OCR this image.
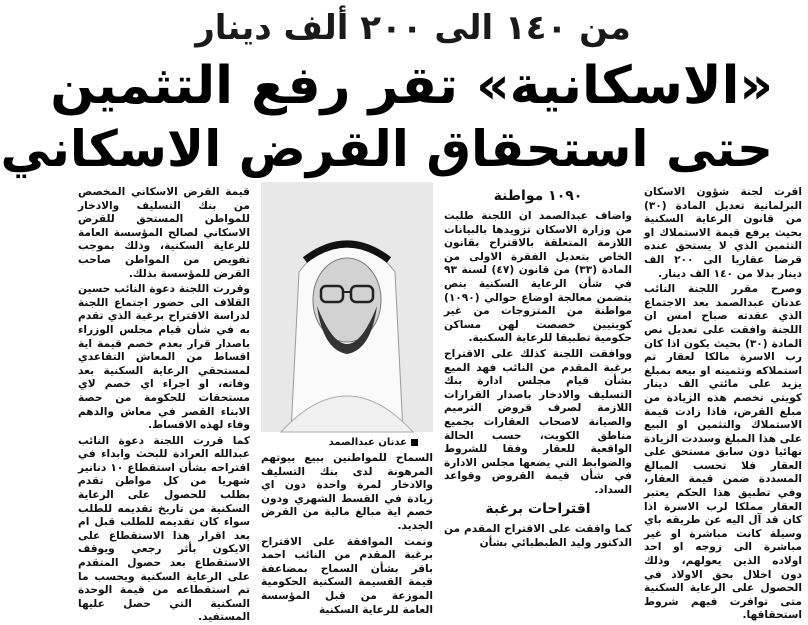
من ١٤٠ الى ٢٠٠ ألف دينار
«الاسكانية» تقر رفع التثمين
حتى استحقاق القرض الاسكاني

اقرت لجنة شؤون الاسكان البرلمانية تعديل المادة (٣٠) من قانون الرعاية السكنية بحيث يرفع قيمة الاستملاك او التثمين الذي لا يستحق عنده قرضا عقاريا الى ٢٠٠ الف دينار بدلا من ١٤٠ الف دينار.

وصرح مقرر اللجنة النائب عدنان عبدالصمد بعد الاجتماع الذي عقدته صباح امس ان اللجنة وافقت على تعديل نص المادة (٣٠) بحيث يكون اذا كان رب الاسرة مالكا لعقار تم استملاكه وتثمينه او بيعه بمبلغ يزيد على مائتي الف دينار كويتي تخصم هذه الزيادة من مبلغ القرض، فاذا زادت قيمة الاستملاك والتثمين او البيع على هذا المبلغ وسددت الزيادة نهائيا دون سابق مستحق على العقار فلا تحسب المبالغ المسددة ضمن قيمة العقار، وفي تطبيق هذا الحكم يعتبر العقار مملكا لرب الاسرة اذا كان قد آل اليه عن طريقه باي وسيلة كانت مباشرة او غير مباشرة الى زوجه او احد اولاده الذين يعولهم، وذلك دون اخلال بحق الاولاد في الحصول على الرعاية السكنية متى توافرت فيهم شروط استحقاقها.

١٠٩٠ مواطنة

واضاف عبدالصمد ان اللجنة طلبت من وزارة الاسكان تزويدها بالبيانات اللازمة المتعلقة بالاقتراح بقانون الخاص بتعديل الفقرة الاولى من المادة (٣٣) من قانون (٤٧) لسنة ٩٣ في شأن الرعاية السكنية بنص يتضمن معالجة اوضاع حوالي (١٠٩٠) مواطنة من المتزوجات من غير كويتيين خصصت لهن مساكن حكومية تطبيقا للرعاية السكنية.

ووافقت اللجنة كذلك على الاقتراح برغبة المقدم من النائب فهد الميع بشأن قيام مجلس ادارة بنك التسليف والادخار باصدار القرارات اللازمة لصرف قروض الترميم والصيانة لاصحاب العقارات بجميع مناطق الكويت، حسب الحالة الواقعية للعقار وفقا للشروط والضوابط التي يضعها مجلس الادارة في شأن قيمة القروض وقواعد السداد.

اقتراحات برغبة

كما وافقت على الاقتراح المقدم من الدكتور وليد الطبطبائي بشأن

عدنان عبدالصمد

السماح للمواطنين ببيع بيوتهم المرهونة لدى بنك التسليف والادخار لمرة واحدة دون اي زيادة في القسط الشهري ودون خصم اية مبالغ مالية من القرض الجديد.

وتمت الموافقة على الاقتراح برغبة المقدم من النائب احمد باقر بشأن السماح بمضاعفة قيمة القسيمة السكنية الحكومية الموزعة من قبل المؤسسة العامة للرعاية السكنية

قيمة القرض الاسكاني المخصص من بنك التسليف والادخار للمواطن المستحق للقرض الاسكاني لصالح المؤسسة العامة للرعاية السكنية، وذلك بموجب تفويض من المواطن صاحب القرض للمؤسسة بذلك.

وقررت اللجنة دعوة النائب حسين القلاف الى حضور اجتماع اللجنة لدراسة الاقتراح برغبة الذي تقدم به في شأن قيام مجلس الوزراء باصدار قرار بعدم خصم قيمة اية اقساط من المعاش التقاعدي لمستحقي الرعاية السكنية بعد وفاته، او اجراء اي خصم لاي مستحقات للحكومة من حصة الابناء القصر في معاش والدهم وفاء لهذه الاقساط.

كما قررت اللجنة دعوة النائب عبدالله العرادة للبحث وابداء في اقتراحه بشأن استقطاع ١٠ دنانير شهريا من كل مواطن تقدم بطلب للحصول على الرعاية السكنية من تاريخ تقديمه للطلب سواء كان تقديمه للطلب قبل ام بعد اقرار هذا الاستقطاع على الايكون بأثر رجعي ويوقف الاستقطاع بعد حصول المتقدم على الرعاية السكنية ويحسب ما تم استقطاعه من قيمة الوحدة السكنية التي حصل عليها المستفيد.
